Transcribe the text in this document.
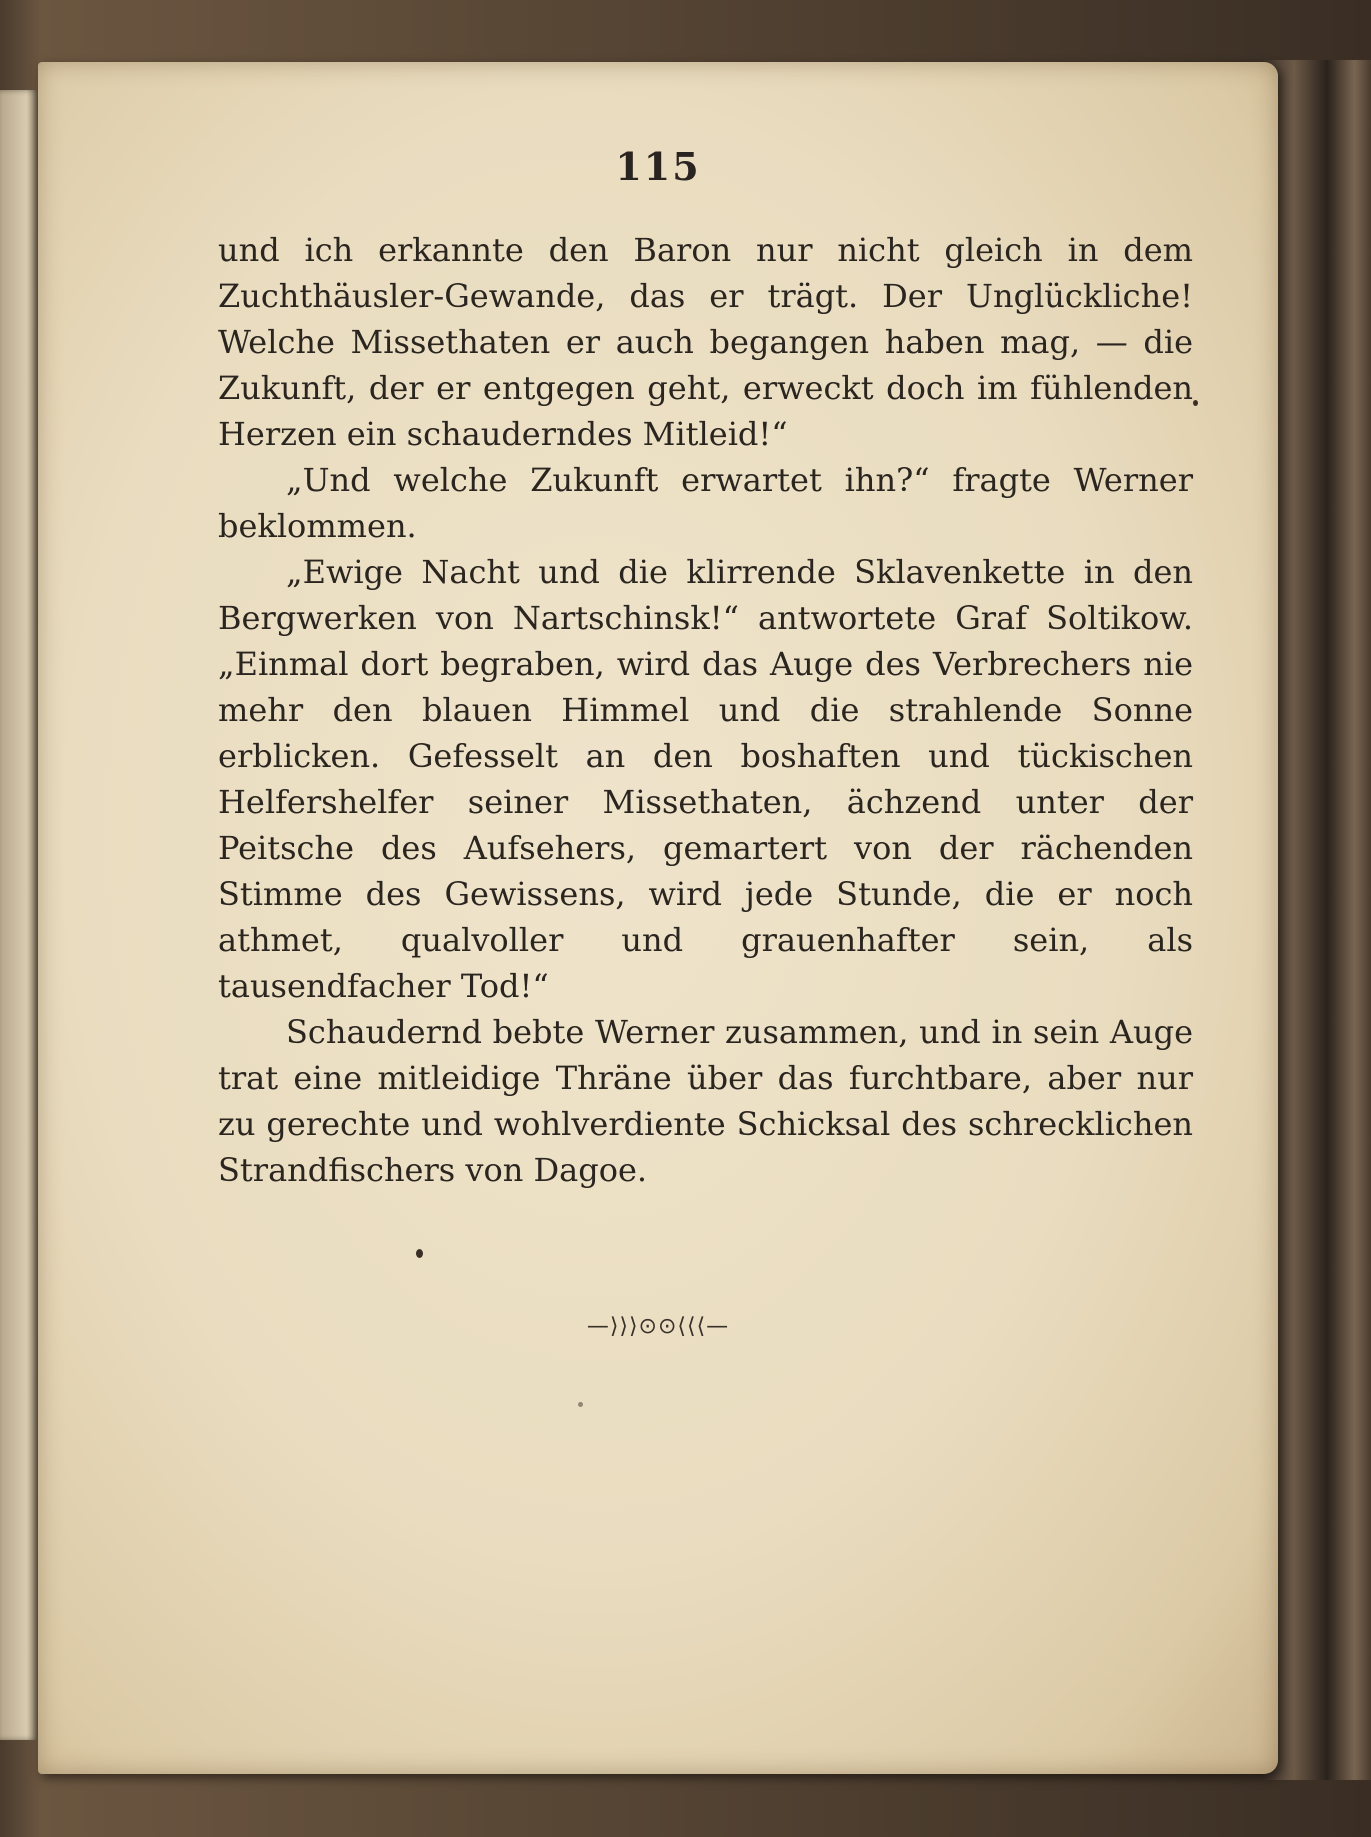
115

und ich erkannte den Baron nur nicht gleich in dem Zuchthäusler-Gewande, das er trägt. Der Unglückliche! Welche Missethaten er auch begangen haben mag, — die Zukunft, der er entgegen geht, erweckt doch im fühlenden Herzen ein schauderndes Mitleid!“

„Und welche Zukunft erwartet ihn?“ fragte Werner beklommen.

„Ewige Nacht und die klirrende Sklavenkette in den Bergwerken von Nartschinsk!“ antwortete Graf Soltikow. „Einmal dort begraben, wird das Auge des Verbrechers nie mehr den blauen Himmel und die strahlende Sonne erblicken. Gefesselt an den boshaften und tückischen Helfershelfer seiner Missethaten, ächzend unter der Peitsche des Aufsehers, gemartert von der rächenden Stimme des Gewissens, wird jede Stunde, die er noch athmet, qualvoller und grauenhafter sein, als tausendfacher Tod!“

Schaudernd bebte Werner zusammen, und in sein Auge trat eine mitleidige Thräne über das furchtbare, aber nur zu gerechte und wohlverdiente Schicksal des schrecklichen Strandfischers von Dagoe.

—⟩⟩⟩⊙⊙⟨⟨⟨—
